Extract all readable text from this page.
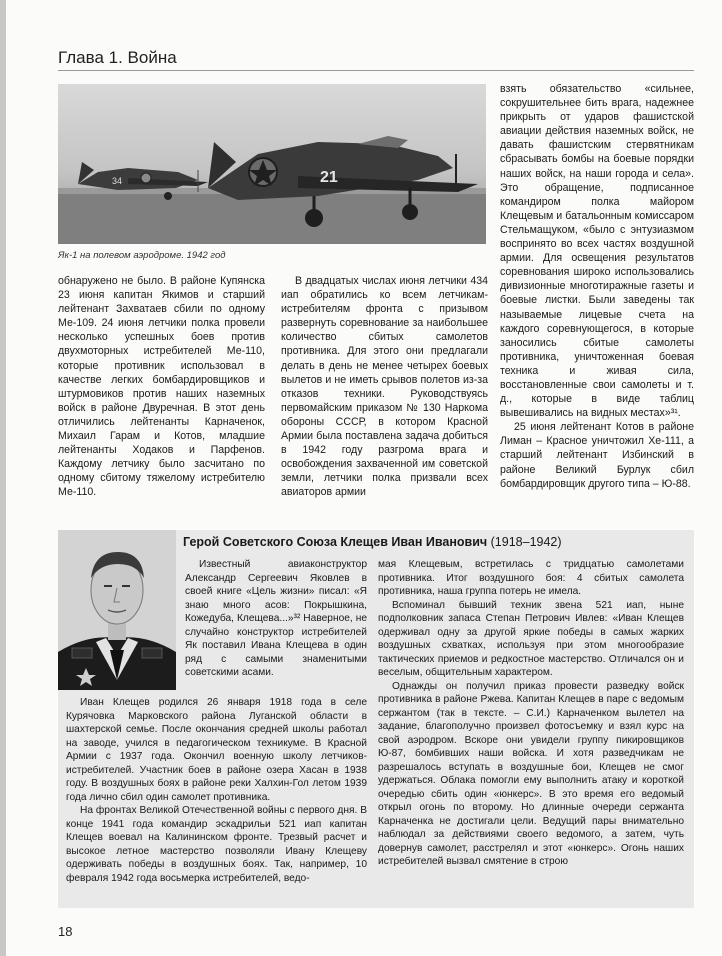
Глава 1. Война
34	21
Як-1 на полевом аэродроме. 1942 год

обнаружено не было. В районе Купянска 23 июня капитан Якимов и старший лейтенант Захватаев сбили по одному Ме-109. 24 июня летчики полка провели несколько успешных боев против двухмоторных истребителей Ме-110, которые противник использовал в качестве легких бомбардировщиков и штурмовиков против наших наземных войск в районе Двуречная. В этот день отличились лейтенанты Карначенок, Михаил Гарам и Котов, младшие лейтенанты Ходаков и Парфенов. Каждому летчику было засчитано по одному сбитому тяжелому истребителю Ме-110.

В двадцатых числах июня летчики 434 иап обратились ко всем летчикам-истребителям фронта с призывом развернуть соревнование за наибольшее количество сбитых самолетов противника. Для этого они предлагали делать в день не менее четырех боевых вылетов и не иметь срывов полетов из-за отказов техники. Руководствуясь первомайским приказом № 130 Наркома обороны СССР, в котором Красной Армии была поставлена задача добиться в 1942 году разгрома врага и освобождения захваченной им советской земли, летчики полка призвали всех авиаторов армии

взять обязательство «сильнее, сокрушительнее бить врага, надежнее прикрыть от ударов фашистской авиации действия наземных войск, не давать фашистским стервятникам сбрасывать бомбы на боевые порядки наших войск, на наши города и села». Это обращение, подписанное командиром полка майором Клещевым и батальонным комиссаром Стельмащуком, «было с энтузиазмом воспринято во всех частях воздушной армии. Для освещения результатов соревнования широко использовались дивизионные многотиражные газеты и боевые листки. Были заведены так называемые лицевые счета на каждого соревнующегося, в которые заносились сбитые самолеты противника, уничтоженная боевая техника и живая сила, восстановленные свои самолеты и т. д., которые в виде таблиц вывешивались на видных местах»³¹.

25 июня лейтенант Котов в районе Лиман – Красное уничтожил Хе-111, а старший лейтенант Избинский в районе Великий Бурлук сбил бомбардировщик другого типа – Ю-88.

Герой Советского Союза Клещев Иван Иванович (1918–1942)

Известный авиаконструктор Александр Сергеевич Яковлев в своей книге «Цель жизни» писал: «Я знаю много асов: Покрышкина, Кожедуба, Клещева...»³² Наверное, не случайно конструктор истребителей Як поставил Ивана Клещева в один ряд с самыми знаменитыми советскими асами.

Иван Клещев родился 26 января 1918 года в селе Курячовка Марковского района Луганской области в шахтерской семье. После окончания средней школы работал на заводе, учился в педагогическом техникуме. В Красной Армии с 1937 года. Окончил военную школу летчиков-истребителей. Участник боев в районе озера Хасан в 1938 году. В воздушных боях в районе реки Халхин-Гол летом 1939 года лично сбил один самолет противника.

На фронтах Великой Отечественной войны с первого дня. В конце 1941 года командир эскадрильи 521 иап капитан Клещев воевал на Калининском фронте. Трезвый расчет и высокое летное мастерство позволяли Ивану Клещеву одерживать победы в воздушных боях. Так, например, 10 февраля 1942 года восьмерка истребителей, ведо-

мая Клещевым, встретилась с тридцатью самолетами противника. Итог воздушного боя: 4 сбитых самолета противника, наша группа потерь не имела.

Вспоминал бывший техник звена 521 иап, ныне подполковник запаса Степан Петрович Ивлев: «Иван Клещев одерживал одну за другой яркие победы в самых жарких воздушных схватках, используя при этом многообразие тактических приемов и редкостное мастерство. Отличался он и веселым, общительным характером.

Однажды он получил приказ провести разведку войск противника в районе Ржева. Капитан Клещев в паре с ведомым сержантом (так в тексте. – С.И.) Карначенком вылетел на задание, благополучно произвел фотосъемку и взял курс на свой аэродром. Вскоре они увидели группу пикировщиков Ю-87, бомбивших наши войска. И хотя разведчикам не разрешалось вступать в воздушные бои, Клещев не смог удержаться. Облака помогли ему выполнить атаку и короткой очередью сбить один «юнкерс». В это время его ведомый открыл огонь по второму. Но длинные очереди сержанта Карначенка не достигали цели. Ведущий пары внимательно наблюдал за действиями своего ведомого, а затем, чуть довернув самолет, расстрелял и этот «юнкерс». Огонь наших истребителей вызвал смятение в строю

18
